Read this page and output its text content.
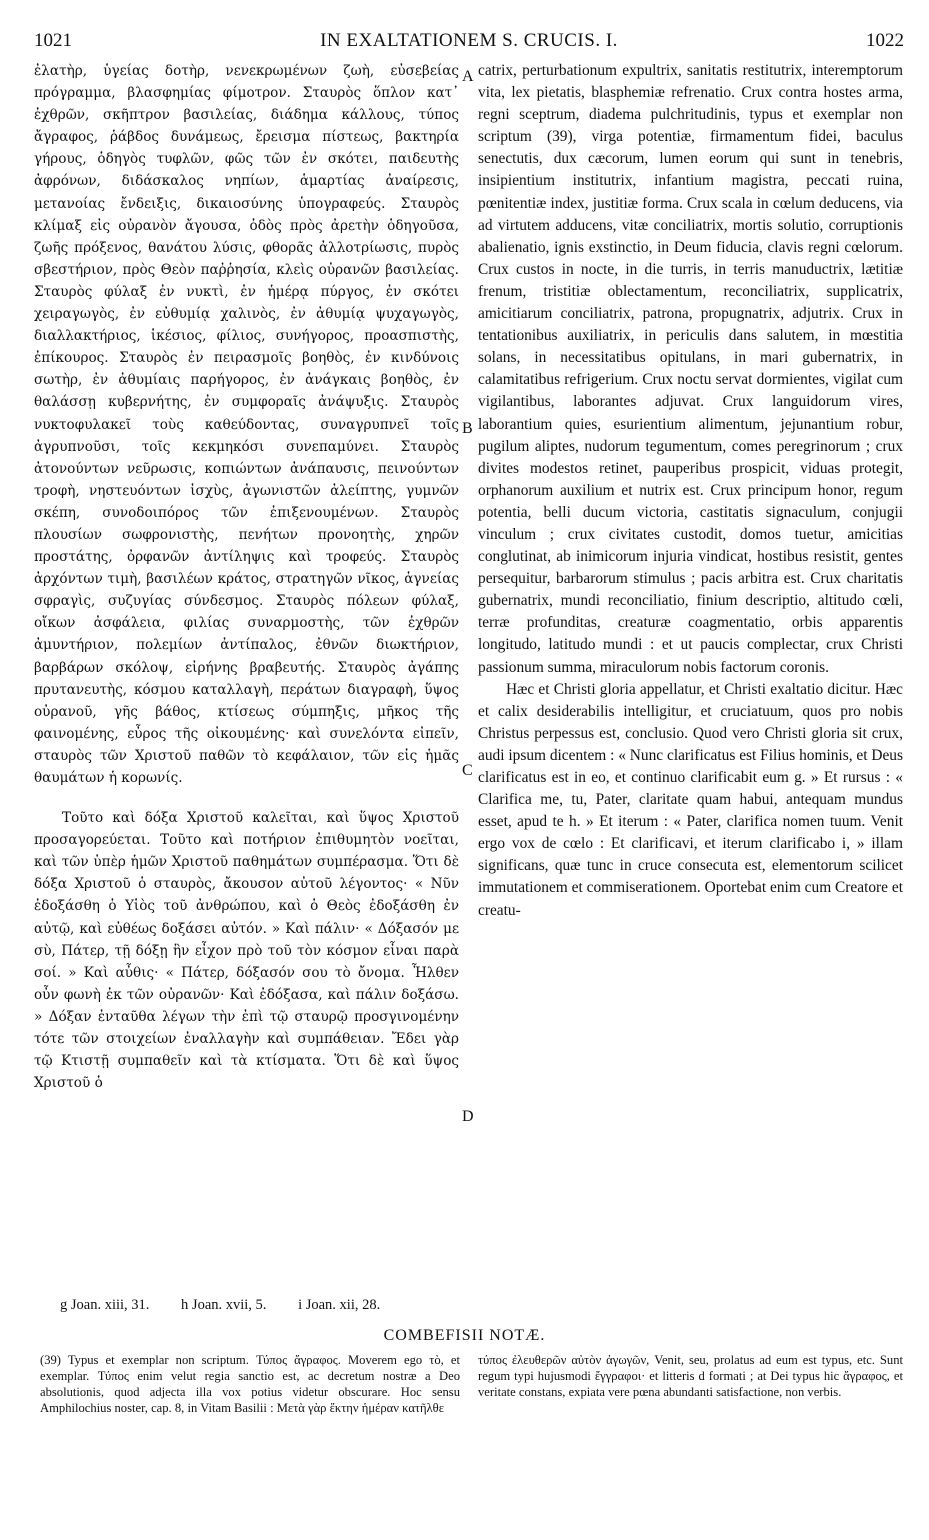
1021	IN EXALTATIONEM S. CRUCIS. I.	1022

ἐλατὴρ, ὑγείας δοτὴρ, νενεκρωμένων ζωὴ, εὐσεβείας πρόγραμμα, βλασφημίας φίμοτρον. Σταυρὸς ὅπλον κατ᾽ ἐχθρῶν, σκῆπτρον βασιλείας, διάδημα κάλλους, τύπος ἄγραφος, ῥάβδος δυνάμεως, ἔρεισμα πίστεως, βακτηρία γήρους, ὁδηγὸς τυφλῶν, φῶς τῶν ἐν σκότει, παιδευτὴς ἀφρόνων, διδάσκαλος νηπίων, ἁμαρτίας ἀναίρεσις, μετανοίας ἔνδειξις, δικαιοσύνης ὑπογραφεύς. Σταυρὸς κλίμαξ εἰς οὐρανὸν ἄγουσα, ὁδὸς πρὸς ἀρετὴν ὁδηγοῦσα, ζωῆς πρόξενος, θανάτου λύσις, φθορᾶς ἀλλοτρίωσις, πυρὸς σβεστήριον, πρὸς Θεὸν παῤῥησία, κλεὶς οὐρανῶν βασιλείας. Σταυρὸς φύλαξ ἐν νυκτὶ, ἐν ἡμέρᾳ πύργος, ἐν σκότει χειραγωγὸς, ἐν εὐθυμίᾳ χαλινὸς, ἐν ἀθυμίᾳ ψυχαγωγὸς, διαλλακτήριος, ἱκέσιος, φίλιος, συνήγορος, προασπιστὴς, ἐπίκουρος. Σταυρὸς ἐν πειρασμοῖς βοηθὸς, ἐν κινδύνοις σωτὴρ, ἐν ἀθυμίαις παρήγορος, ἐν ἀνάγκαις βοηθὸς, ἐν θαλάσσῃ κυβερνήτης, ἐν συμφοραῖς ἀνάψυξις. Σταυρὸς νυκτοφυλακεῖ τοὺς καθεύδοντας, συναγρυπνεῖ τοῖς ἀγρυπνοῦσι, τοῖς κεκμηκόσι συνεπαμύνει. Σταυρὸς ἀτονούντων νεῦρωσις, κοπιώντων ἀνάπαυσις, πεινούντων τροφὴ, νηστευόντων ἰσχὺς, ἀγωνιστῶν ἀλείπτης, γυμνῶν σκέπη, συνοδοιπόρος τῶν ἐπιξενουμένων. Σταυρὸς πλουσίων σωφρονιστὴς, πενήτων προνοητὴς, χηρῶν προστάτης, ὀρφανῶν ἀντίληψις καὶ τροφεύς. Σταυρὸς ἀρχόντων τιμὴ, βασιλέων κράτος, στρατηγῶν νῖκος, ἁγνείας σφραγὶς, συζυγίας σύνδεσμος. Σταυρὸς πόλεων φύλαξ, οἴκων ἀσφάλεια, φιλίας συναρμοστὴς, τῶν ἐχθρῶν ἀμυντήριον, πολεμίων ἀντίπαλος, ἐθνῶν διωκτήριον, βαρβάρων σκόλοψ, εἰρήνης βραβευτής. Σταυρὸς ἀγάπης πρυτανευτὴς, κόσμου καταλλαγὴ, περάτων διαγραφὴ, ὕψος οὐρανοῦ, γῆς βάθος, κτίσεως σύμπηξις, μῆκος τῆς φαινομένης, εὖρος τῆς οἰκουμένης· καὶ συνελόντα εἰπεῖν, σταυρὸς τῶν Χριστοῦ παθῶν τὸ κεφάλαιον, τῶν εἰς ἡμᾶς θαυμάτων ἡ κορωνίς.

Τοῦτο καὶ δόξα Χριστοῦ καλεῖται, καὶ ὕψος Χριστοῦ προσαγορεύεται. Τοῦτο καὶ ποτήριον ἐπιθυμητὸν νοεῖται, καὶ τῶν ὑπὲρ ἡμῶν Χριστοῦ παθημάτων συμπέρασμα. Ὅτι δὲ δόξα Χριστοῦ ὁ σταυρὸς, ἄκουσον αὐτοῦ λέγοντος· « Νῦν ἐδοξάσθη ὁ Υἱὸς τοῦ ἀνθρώπου, καὶ ὁ Θεὸς ἐδοξάσθη ἐν αὐτῷ, καὶ εὐθέως δοξάσει αὐτόν. » Καὶ πάλιν· « Δόξασόν με σὺ, Πάτερ, τῇ δόξῃ ἣν εἶχον πρὸ τοῦ τὸν κόσμον εἶναι παρὰ σοί. » Καὶ αὖθις· « Πάτερ, δόξασόν σου τὸ ὄνομα. Ἦλθεν οὖν φωνὴ ἐκ τῶν οὐρανῶν· Καὶ ἐδόξασα, καὶ πάλιν δοξάσω. » Δόξαν ἐνταῦθα λέγων τὴν ἐπὶ τῷ σταυρῷ προσγινομένην τότε τῶν στοιχείων ἐναλλαγὴν καὶ συμπάθειαν. Ἔδει γὰρ τῷ Κτιστῇ συμπαθεῖν καὶ τὰ κτίσματα. Ὅτι δὲ καὶ ὕψος Χριστοῦ ὁ

catrix, perturbationum expultrix, sanitatis restitutrix, interemptorum vita, lex pietatis, blasphemiæ refrenatio. Crux contra hostes arma, regni sceptrum, diadema pulchritudinis, typus et exemplar non scriptum (39), virga potentiæ, firmamentum fidei, baculus senectutis, dux cæcorum, lumen eorum qui sunt in tenebris, insipientium institutrix, infantium magistra, peccati ruina, pœnitentiæ index, justitiæ forma. Crux scala in cœlum deducens, via ad virtutem adducens, vitæ conciliatrix, mortis solutio, corruptionis abalienatio, ignis exstinctio, in Deum fiducia, clavis regni cœlorum. Crux custos in nocte, in die turris, in terris manuductrix, lætitiæ frenum, tristitiæ oblectamentum, reconciliatrix, supplicatrix, amicitiarum conciliatrix, patrona, propugnatrix, adjutrix. Crux in tentationibus auxiliatrix, in periculis dans salutem, in mœstitia solans, in necessitatibus opitulans, in mari gubernatrix, in calamitatibus refrigerium. Crux noctu servat dormientes, vigilat cum vigilantibus, laborantes adjuvat. Crux languidorum vires, laborantium quies, esurientium alimentum, jejunantium robur, pugilum aliptes, nudorum tegumentum, comes peregrinorum ; crux divites modestos retinet, pauperibus prospicit, viduas protegit, orphanorum auxilium et nutrix est. Crux principum honor, regum potentia, belli ducum victoria, castitatis signaculum, conjugii vinculum ; crux civitates custodit, domos tuetur, amicitias conglutinat, ab inimicorum injuria vindicat, hostibus resistit, gentes persequitur, barbarorum stimulus ; pacis arbitra est. Crux charitatis gubernatrix, mundi reconciliatio, finium descriptio, altitudo cœli, terræ profunditas, creaturæ coagmentatio, orbis apparentis longitudo, latitudo mundi : et ut paucis complectar, crux Christi passionum summa, miraculorum nobis factorum coronis.

Hæc et Christi gloria appellatur, et Christi exaltatio dicitur. Hæc et calix desiderabilis intelligitur, et cruciatuum, quos pro nobis Christus perpessus est, conclusio. Quod vero Christi gloria sit crux, audi ipsum dicentem : « Nunc clarificatus est Filius hominis, et Deus clarificatus est in eo, et continuo clarificabit eum g. » Et rursus : « Clarifica me, tu, Pater, claritate quam habui, antequam mundus esset, apud te h. » Et iterum : « Pater, clarifica nomen tuum. Venit ergo vox de cœlo : Et clarificavi, et iterum clarificabo i, » illam significans, quæ tunc in cruce consecuta est, elementorum scilicet immutationem et commiserationem. Oportebat enim cum Creatore et creatu-

A
B
C
D
g Joan. xiii, 31. h Joan. xvii, 5. i Joan. xii, 28.
COMBEFISII NOTÆ.

(39) Typus et exemplar non scriptum. Τύπος ἄγραφος. Moverem ego τὸ, et exemplar. Τύπος enim velut regia sanctio est, ac decretum nostræ a Deo absolutionis, quod adjecta illa vox potius videtur obscurare. Hoc sensu Amphilochius noster, cap. 8, in Vitam Basilii : Μετὰ γὰρ ἕκτην ἡμέραν κατῆλθε

τύπος ἐλευθερῶν αὐτὸν ἀγωγῶν, Venit, seu, prolatus ad eum est typus, etc. Sunt regum typi hujusmodi ἔγγραφοι· et litteris d formati ; at Dei typus hic ἄγραφος, et veritate constans, expiata vere pœna abundanti satisfactione, non verbis.
